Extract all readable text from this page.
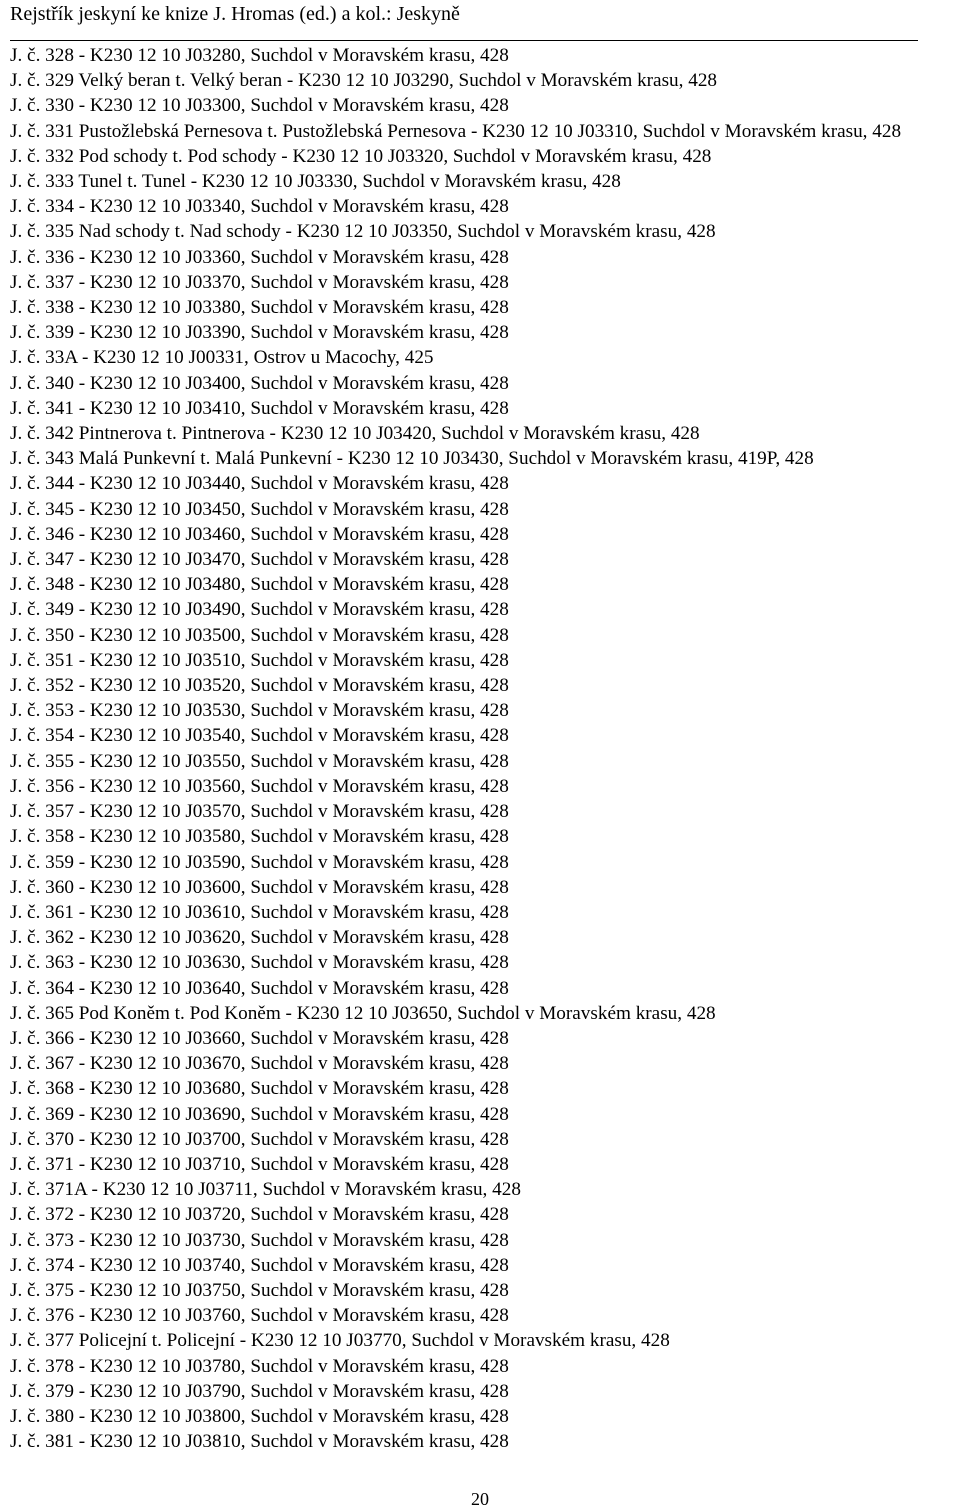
Rejstřík jeskyní ke knize J. Hromas (ed.) a kol.: Jeskyně
J. č. 328 - K230 12 10 J03280, Suchdol v Moravském krasu, 428
J. č. 329 Velký beran t. Velký beran - K230 12 10 J03290, Suchdol v Moravském krasu, 428
J. č. 330 - K230 12 10 J03300, Suchdol v Moravském krasu, 428
J. č. 331 Pustožlebská Pernesova t. Pustožlebská Pernesova - K230 12 10 J03310, Suchdol v Moravském krasu, 428
J. č. 332 Pod schody t. Pod schody - K230 12 10 J03320, Suchdol v Moravském krasu, 428
J. č. 333 Tunel t. Tunel - K230 12 10 J03330, Suchdol v Moravském krasu, 428
J. č. 334 - K230 12 10 J03340, Suchdol v Moravském krasu, 428
J. č. 335 Nad schody t. Nad schody - K230 12 10 J03350, Suchdol v Moravském krasu, 428
J. č. 336 - K230 12 10 J03360, Suchdol v Moravském krasu, 428
J. č. 337 - K230 12 10 J03370, Suchdol v Moravském krasu, 428
J. č. 338 - K230 12 10 J03380, Suchdol v Moravském krasu, 428
J. č. 339 - K230 12 10 J03390, Suchdol v Moravském krasu, 428
J. č. 33A - K230 12 10 J00331, Ostrov u Macochy, 425
J. č. 340 - K230 12 10 J03400, Suchdol v Moravském krasu, 428
J. č. 341 - K230 12 10 J03410, Suchdol v Moravském krasu, 428
J. č. 342 Pintnerova t. Pintnerova - K230 12 10 J03420, Suchdol v Moravském krasu, 428
J. č. 343 Malá Punkevní t. Malá Punkevní - K230 12 10 J03430, Suchdol v Moravském krasu, 419P, 428
J. č. 344 - K230 12 10 J03440, Suchdol v Moravském krasu, 428
J. č. 345 - K230 12 10 J03450, Suchdol v Moravském krasu, 428
J. č. 346 - K230 12 10 J03460, Suchdol v Moravském krasu, 428
J. č. 347 - K230 12 10 J03470, Suchdol v Moravském krasu, 428
J. č. 348 - K230 12 10 J03480, Suchdol v Moravském krasu, 428
J. č. 349 - K230 12 10 J03490, Suchdol v Moravském krasu, 428
J. č. 350 - K230 12 10 J03500, Suchdol v Moravském krasu, 428
J. č. 351 - K230 12 10 J03510, Suchdol v Moravském krasu, 428
J. č. 352 - K230 12 10 J03520, Suchdol v Moravském krasu, 428
J. č. 353 - K230 12 10 J03530, Suchdol v Moravském krasu, 428
J. č. 354 - K230 12 10 J03540, Suchdol v Moravském krasu, 428
J. č. 355 - K230 12 10 J03550, Suchdol v Moravském krasu, 428
J. č. 356 - K230 12 10 J03560, Suchdol v Moravském krasu, 428
J. č. 357 - K230 12 10 J03570, Suchdol v Moravském krasu, 428
J. č. 358 - K230 12 10 J03580, Suchdol v Moravském krasu, 428
J. č. 359 - K230 12 10 J03590, Suchdol v Moravském krasu, 428
J. č. 360 - K230 12 10 J03600, Suchdol v Moravském krasu, 428
J. č. 361 - K230 12 10 J03610, Suchdol v Moravském krasu, 428
J. č. 362 - K230 12 10 J03620, Suchdol v Moravském krasu, 428
J. č. 363 - K230 12 10 J03630, Suchdol v Moravském krasu, 428
J. č. 364 - K230 12 10 J03640, Suchdol v Moravském krasu, 428
J. č. 365 Pod Koněm t. Pod Koněm - K230 12 10 J03650, Suchdol v Moravském krasu, 428
J. č. 366 - K230 12 10 J03660, Suchdol v Moravském krasu, 428
J. č. 367 - K230 12 10 J03670, Suchdol v Moravském krasu, 428
J. č. 368 - K230 12 10 J03680, Suchdol v Moravském krasu, 428
J. č. 369 - K230 12 10 J03690, Suchdol v Moravském krasu, 428
J. č. 370 - K230 12 10 J03700, Suchdol v Moravském krasu, 428
J. č. 371 - K230 12 10 J03710, Suchdol v Moravském krasu, 428
J. č. 371A - K230 12 10 J03711, Suchdol v Moravském krasu, 428
J. č. 372 - K230 12 10 J03720, Suchdol v Moravském krasu, 428
J. č. 373 - K230 12 10 J03730, Suchdol v Moravském krasu, 428
J. č. 374 - K230 12 10 J03740, Suchdol v Moravském krasu, 428
J. č. 375 - K230 12 10 J03750, Suchdol v Moravském krasu, 428
J. č. 376 - K230 12 10 J03760, Suchdol v Moravském krasu, 428
J. č. 377 Policejní t. Policejní - K230 12 10 J03770, Suchdol v Moravském krasu, 428
J. č. 378 - K230 12 10 J03780, Suchdol v Moravském krasu, 428
J. č. 379 - K230 12 10 J03790, Suchdol v Moravském krasu, 428
J. č. 380 - K230 12 10 J03800, Suchdol v Moravském krasu, 428
J. č. 381 - K230 12 10 J03810, Suchdol v Moravském krasu, 428
20
